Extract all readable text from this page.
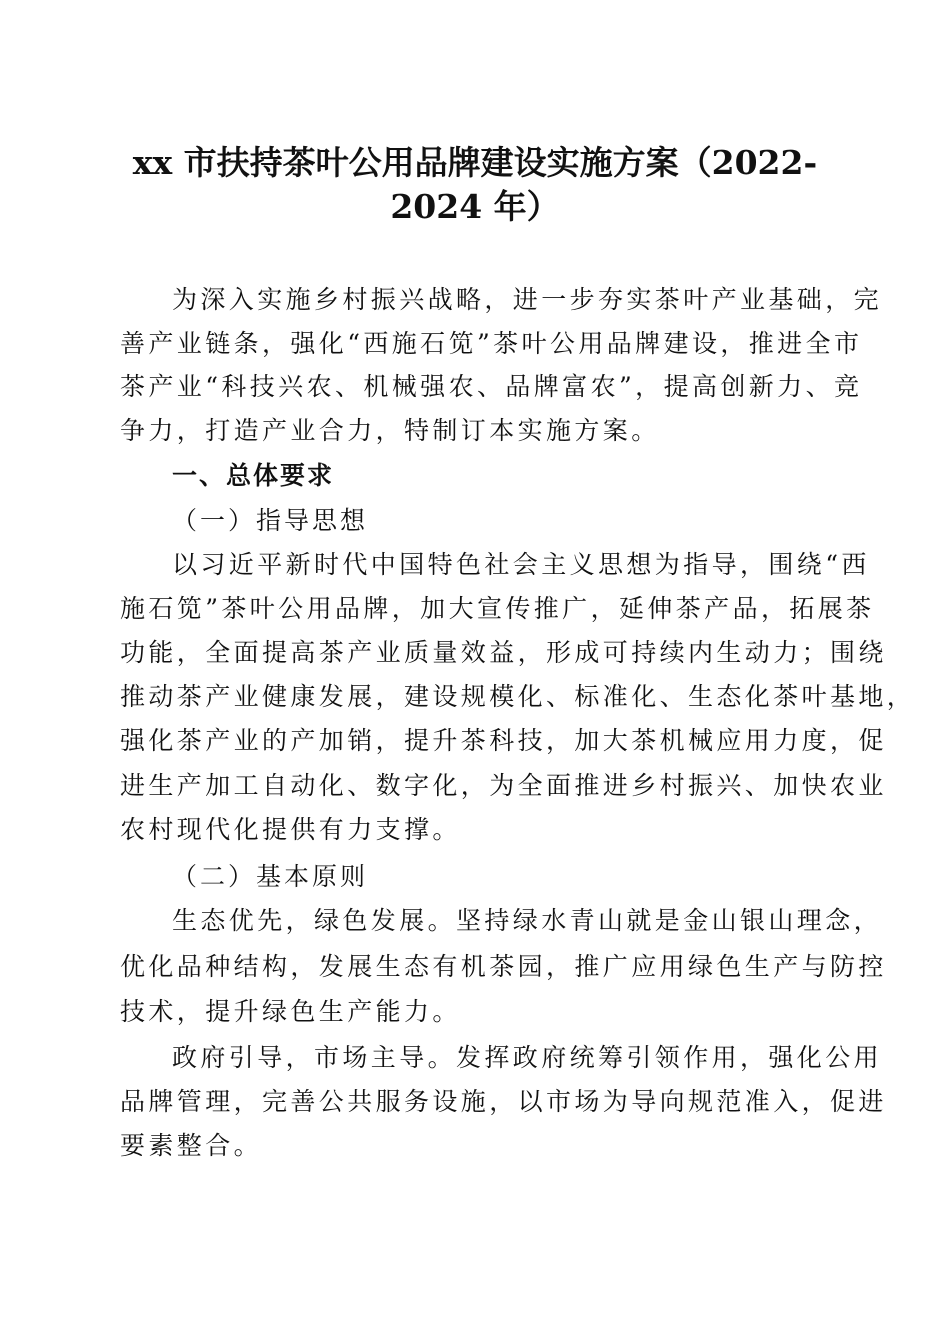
xx 市扶持茶叶公用品牌建设实施方案（2022-
2024 年）

为深入实施乡村振兴战略，进一步夯实茶叶产业基础，完

善产业链条，强化“西施石笕”茶叶公用品牌建设，推进全市

茶产业“科技兴农、机械强农、品牌富农”，提高创新力、竞

争力，打造产业合力，特制订本实施方案。

一、总体要求

（一）指导思想

以习近平新时代中国特色社会主义思想为指导，围绕“西

施石笕”茶叶公用品牌，加大宣传推广，延伸茶产品，拓展茶

功能，全面提高茶产业质量效益，形成可持续内生动力；围绕

推动茶产业健康发展，建设规模化、标准化、生态化茶叶基地，

强化茶产业的产加销，提升茶科技，加大茶机械应用力度，促

进生产加工自动化、数字化，为全面推进乡村振兴、加快农业

农村现代化提供有力支撑。

（二）基本原则

生态优先，绿色发展。坚持绿水青山就是金山银山理念，

优化品种结构，发展生态有机茶园，推广应用绿色生产与防控

技术，提升绿色生产能力。

政府引导，市场主导。发挥政府统筹引领作用，强化公用

品牌管理，完善公共服务设施，以市场为导向规范准入，促进

要素整合。
